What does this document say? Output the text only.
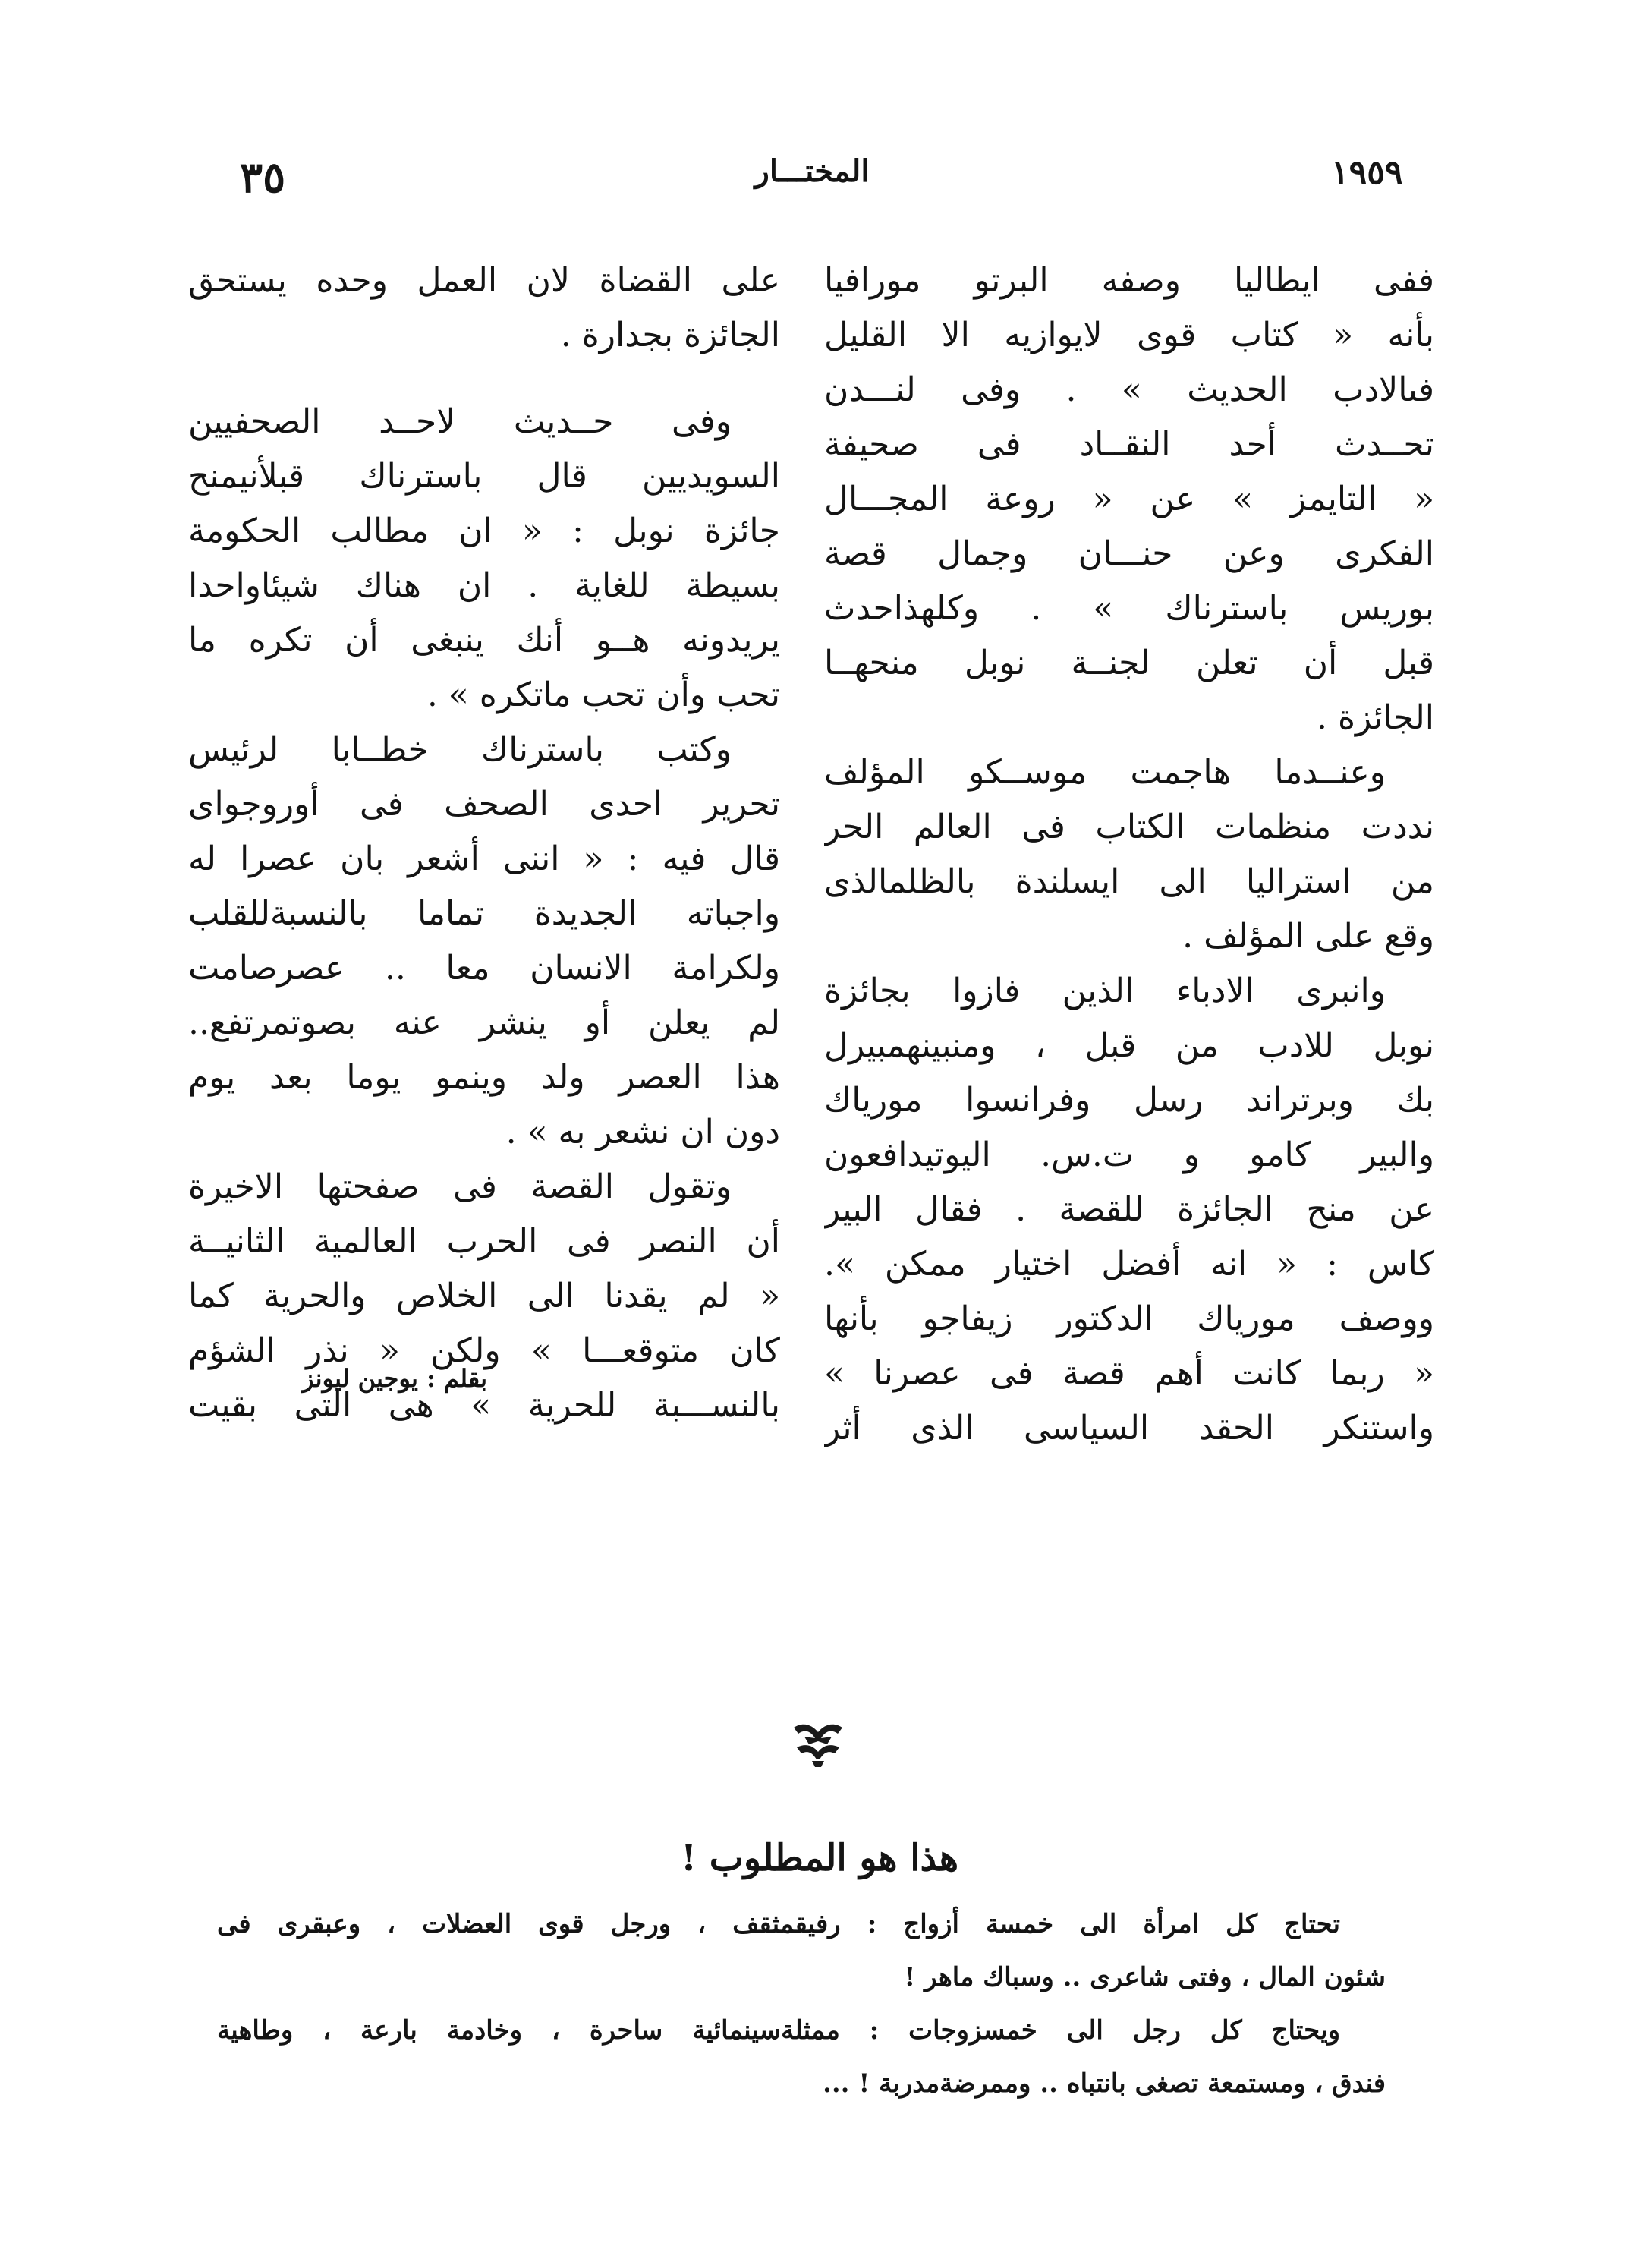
٣٥	المختـــار	١٩٥٩
ففى ايطاليا وصفه البرتو مورافيا
بأنه « كتاب قوى لايوازيه الا القليل
فىالادب الحديث » . وفى لنـــدن
تحــدث أحد النقــاد فى صحيفة
« التايمز » عن « روعة المجـــال
الفكرى وعن حنـــان وجمال قصة
بوريس باسترناك » . وكلهذاحدث
قبل أن تعلن لجنــة نوبل منحهــا
الجائزة .
وعنــدما هاجمت موســكو المؤلف
نددت منظمات الكتاب فى العالم الحر
من استراليا الى ايسلندة بالظلمالذى
وقع على المؤلف .
وانبرى الادباء الذين فازوا بجائزة
نوبل للادب من قبل ، ومنبينهمبيرل
بك وبرتراند رسل وفرانسوا مورياك
والبير كامو و ت.س. اليوتيدافعون
عن منح الجائزة للقصة . فقال البير
كاس : « انه أفضل اختيار ممكن ».
ووصف مورياك الدكتور زيفاجو بأنها
« ربما كانت أهم قصة فى عصرنا »
واستنكر الحقد السياسى الذى أثر
على القضاة لان العمل وحده يستحق
الجائزة بجدارة .
وفى حــديث لاحــد الصحفيين
السويديين قال باسترناك قبلأنيمنح
جائزة نوبل : « ان مطالب الحكومة
بسيطة للغاية . ان هناك شيئاواحدا
يريدونه هــو أنك ينبغى أن تكره ما
تحب وأن تحب ماتكره » .
وكتب باسترناك خطــابا لرئيس
تحرير احدى الصحف فى أوروجواى
قال فيه : « اننى أشعر بان عصرا له
واجباته الجديدة تماما بالنسبةللقلب
ولكرامة الانسان معا .. عصرصامت
لم يعلن أو ينشر عنه بصوتمرتفع..
هذا العصر ولد وينمو يوما بعد يوم
دون ان نشعر به » .
وتقول القصة فى صفحتها الاخيرة
أن النصر فى الحرب العالمية الثانيــة
« لم يقدنا الى الخلاص والحرية كما
كان متوقعـــا » ولكن « نذر الشؤم
بالنســـبة للحرية » هى التى بقيت
بقلم : يوجين ليونز
هذا هو المطلوب !
تحتاج كل امرأة الى خمسة أزواج : رفيقمثقف ، ورجل قوى العضلات ، وعبقرى فى
شئون المال ، وفتى شاعرى .. وسباك ماهر !
ويحتاج كل رجل الى خمسزوجات : ممثلةسينمائية ساحرة ، وخادمة بارعة ، وطاهية
فندق ، ومستمعة تصغى بانتباه .. وممرضةمدربة ! ...
